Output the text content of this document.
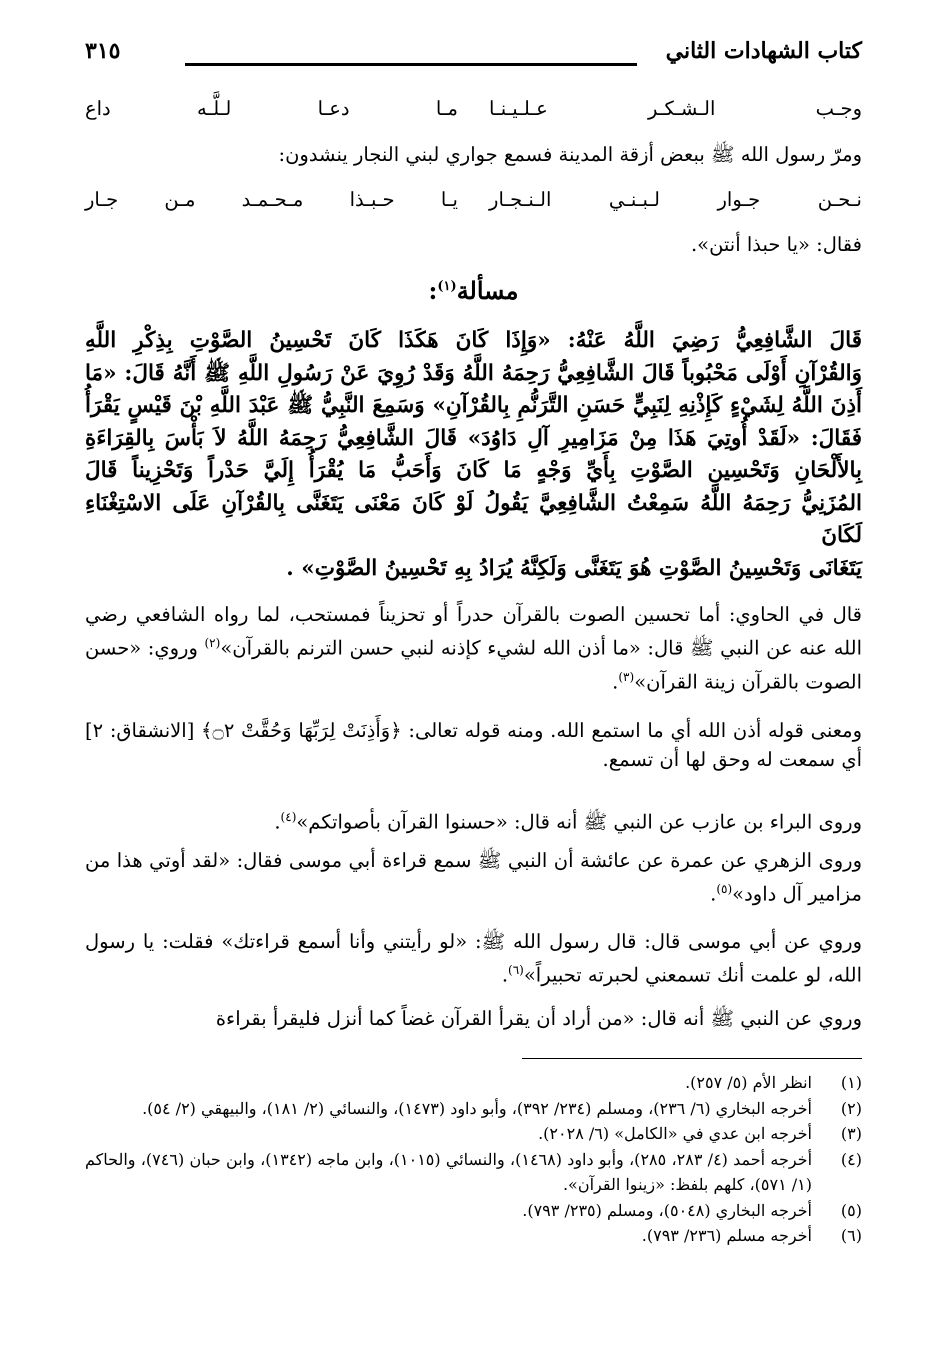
كتاب الشهادات الثاني
٣١٥
وجـب الـشـكـر عـلـيـنـا
مـا دعـا لـلَّـه داع
ومرّ رسول الله ﷺ ببعض أزقة المدينة فسمع جواري لبني النجار ينشدون:
نـحـن جـوار لـبـنـي الـنـجـار
يـا حـبـذا مـحـمـد مـن جـار
فقال: «يا حبذا أنتن».
مسألة$^{(١)}$:

قَالَ الشَّافِعِيُّ رَضِيَ اللَّهُ عَنْهُ: «وَإِذَا كَانَ هَكَذَا كَانَ تَحْسِينُ الصَّوْتِ بِذِكْرِ اللَّهِ

وَالقُرْآنِ أَوْلَى مَحْبُوباً قَالَ الشَّافِعِيُّ رَحِمَهُ اللَّهُ وَقَدْ رُوِيَ عَنْ رَسُولِ اللَّهِ ﷺ أَنَّهُ قَالَ: «مَا

أَذِنَ اللَّهُ لِشَيْءٍ كَإِذْنِهِ لِنَبِيٍّ حَسَنِ التَّرَنُّمِ بِالقُرْآنِ» وَسَمِعَ النَّبِيُّ ﷺ عَبْدَ اللَّهِ بْنَ قَيْسٍ يَقْرَأُ

فَقَالَ: «لَقَدْ أُوتِيَ هَذَا مِنْ مَزَامِيرِ آلِ دَاوُدَ» قَالَ الشَّافِعِيُّ رَحِمَهُ اللَّهُ لاَ بَأْسَ بِالقِرَاءَةِ

بِالأَلْحَانِ وَتَحْسِينِ الصَّوْتِ بِأَيِّ وَجْهٍ مَا كَانَ وَأَحَبُّ مَا يُقْرَأُ إِلَيَّ حَدْراً وَتَحْزِيناً قَالَ

المُزَنِيُّ رَحِمَهُ اللَّهُ سَمِعْتُ الشَّافِعِيَّ يَقُولُ لَوْ كَانَ مَعْنَى يَتَغَنَّى بِالقُرْآنِ عَلَى الاسْتِغْنَاءِ لَكَانَ

يَتَغَانَى وَتَحْسِينُ الصَّوْتِ هُوَ يَتَغَنَّى وَلَكِنَّهُ يُرَادُ بِهِ تَحْسِينُ الصَّوْتِ» .

قال في الحاوي: أما تحسين الصوت بالقرآن حدراً أو تحزيناً فمستحب، لما رواه الشافعي رضي الله عنه عن النبي ﷺ قال: «ما أذن الله لشيء كإذنه لنبي حسن الترنم بالقرآن»$^{(٢)}$ وروي: «حسن الصوت بالقرآن زينة القرآن»$^{(٣)}$.

ومعنى قوله أذن الله أي ما استمع الله. ومنه قوله تعالى: ﴿وَأَذِنَتْ لِرَبِّهَا وَحُقَّتْ ۝٢﴾ [الانشقاق: ٢] أي سمعت له وحق لها أن تسمع.

وروى البراء بن عازب عن النبي ﷺ أنه قال: «حسنوا القرآن بأصواتكم»$^{(٤)}$.

وروى الزهري عن عمرة عن عائشة أن النبي ﷺ سمع قراءة أبي موسى فقال: «لقد أوتي هذا من مزامير آل داود»$^{(٥)}$.

وروي عن أبي موسى قال: قال رسول الله ﷺ: «لو رأيتني وأنا أسمع قراءتك» فقلت: يا رسول الله، لو علمت أنك تسمعني لحبرته تحبيراً»$^{(٦)}$.

وروي عن النبي ﷺ أنه قال: «من أراد أن يقرأ القرآن غضاً كما أنزل فليقرأ بقراءة

(١)
انظر الأم (٥/ ٢٥٧).
(٢)
أخرجه البخاري (٦/ ٢٣٦)، ومسلم (٢٣٤/ ٣٩٢)، وأبو داود (١٤٧٣)، والنسائي (٢/ ١٨١)، والبيهقي (٢/ ٥٤).
(٣)
أخرجه ابن عدي في «الكامل» (٦/ ٢٠٢٨).
(٤)
أخرجه أحمد (٤/ ٢٨٣، ٢٨٥)، وأبو داود (١٤٦٨)، والنسائي (١٠١٥)، وابن ماجه (١٣٤٢)، وابن حبان (٧٤٦)، والحاكم (١/ ٥٧١)، كلهم بلفظ: «زينوا القرآن».
(٥)
أخرجه البخاري (٥٠٤٨)، ومسلم (٢٣٥/ ٧٩٣).
(٦)
أخرجه مسلم (٢٣٦/ ٧٩٣).
